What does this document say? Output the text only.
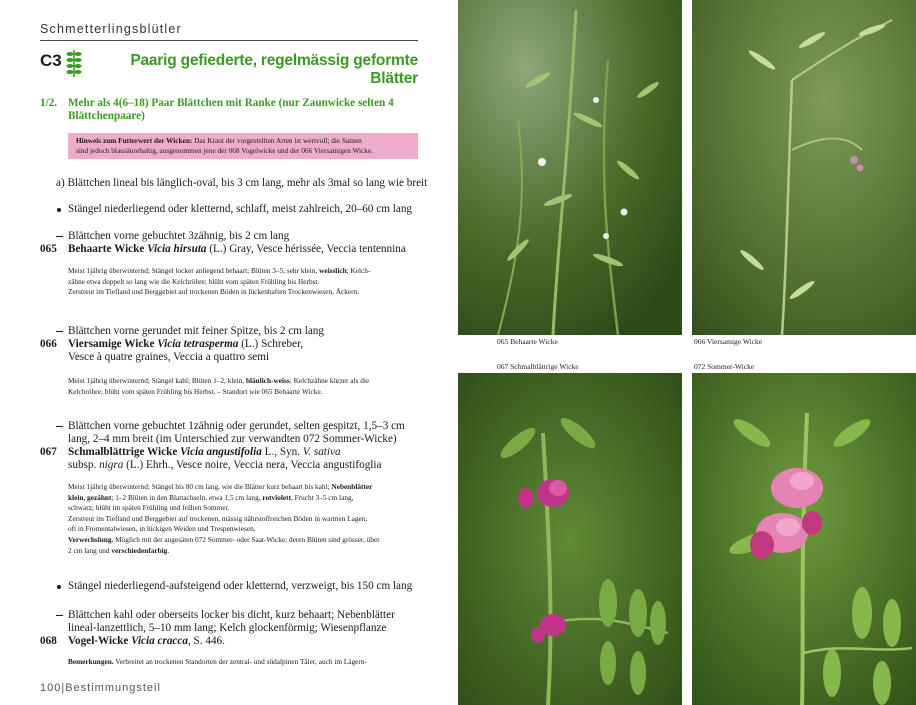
Schmetterlingsblütler
C3	Paarig gefiederte, regelmässig geformte Blätter
1/2. Mehr als 4(6–18) Paar Blättchen mit Ranke (nur Zaunwicke selten 4
Blättchenpaare)
Hinweis zum Futterwert der Wicken: Das Kraut der vorgestellten Arten ist wertvoll; die Samen
sind jedoch blausäurehaltig, ausgenommen jene der 068 Vogelwicke und der 066 Viersamigen Wicke.
a) Blättchen lineal bis länglich-oval, bis 3 cm lang, mehr als 3mal so lang wie breit
Stängel niederliegend oder kletternd, schlaff, meist zahlreich, 20–60 cm lang
Blättchen vorne gebuchtet 3zähnig, bis 2 cm lang
065 Behaarte Wicke Vicia hirsuta (L.) Gray, Vesce hérissée, Veccia tentennina
Meist 1jährig überwinternd; Stängel locker anliegend behaart; Blüten 3–5, sehr klein, weisslich; Kelch-
zähne etwa doppelt so lang wie die Kelchröhre; blüht vom späten Frühling bis Herbst.
Zerstreut im Tiefland und Berggebiet auf trockenen Böden in lückenhaften Trockenwiesen, Äckern.
Blättchen vorne gerundet mit feiner Spitze, bis 2 cm lang
066 Viersamige Wicke Vicia tetrasperma (L.) Schreber,
Vesce à quatre graines, Veccia a quattro semi
Meist 1jährig überwinternd; Stängel kahl; Blüten 1–2, klein, bläulich-weiss; Kelchzähne kürzer als die
Kelchröhre; blüht vom späten Frühling bis Herbst. – Standort wie 065 Behaarte Wicke.
Blättchen vorne gebuchtet 1zähnig oder gerundet, selten gespitzt, 1,5–3 cm
lang, 2–4 mm breit (im Unterschied zur verwandten 072 Sommer-Wicke)
067 Schmalblättrige Wicke Vicia angustifolia L., Syn. V. sativa
subsp. nigra (L.) Ehrh., Vesce noire, Veccia nera, Veccia angustifoglia
Meist 1jährig überwinternd; Stängel bis 80 cm lang, wie die Blätter kurz behaart bis kahl; Nebenblätter
klein, gezähnt; 1–2 Blüten in den Blattachseln, etwa 1,5 cm lang, rotviolett, Frucht 3–5 cm lang,
schwarz; blüht im späten Frühling und frühen Sommer.
Zerstreut im Tiefland und Berggebiet auf trockenen, mässig nährstoffreichen Böden in warmen Lagen,
oft in Fromentalwiesen, in lückigen Weiden und Trespenwiesen.
Verwechslung. Möglich mit der angesäten 072 Sommer- oder Saat-Wicke; deren Blüten sind grösser, über
2 cm lang und verschiedenfarbig.
Stängel niederliegend-aufsteigend oder kletternd, verzweigt, bis 150 cm lang
Blättchen kahl oder oberseits locker bis dicht, kurz behaart; Nebenblätter
lineal-lanzettlich, 5–10 mm lang; Kelch glockenförmig; Wiesenpflanze
068 Vogel-Wicke Vicia cracca, S. 446.
Bemerkungen. Verbreitet an trockenen Standorten der zentral- und südalpinen Täler, auch im Lägern-
100|Bestimmungsteil
065 Behaarte Wicke	066 Viersamige Wicke
067 Schmalblättrige Wicke	072 Sommer-Wicke
